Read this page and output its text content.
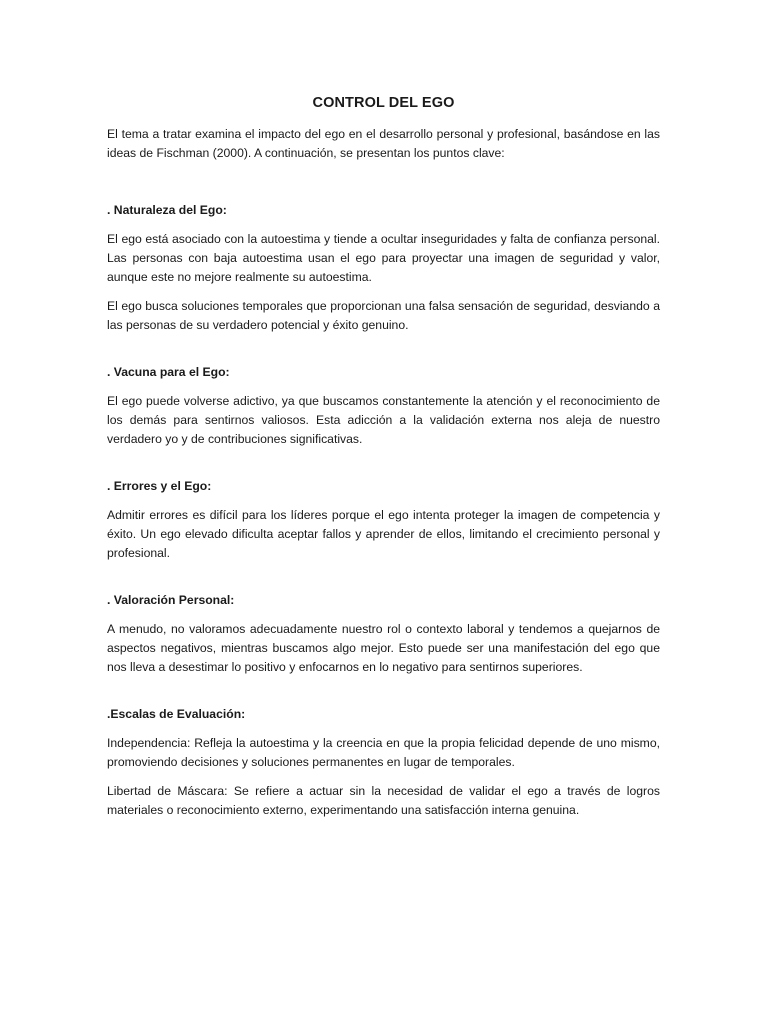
CONTROL DEL EGO

El tema a tratar examina el impacto del ego en el desarrollo personal y profesional, basándose en las ideas de Fischman (2000). A continuación, se presentan los puntos clave:

. Naturaleza del Ego:

El ego está asociado con la autoestima y tiende a ocultar inseguridades y falta de confianza personal. Las personas con baja autoestima usan el ego para proyectar una imagen de seguridad y valor, aunque este no mejore realmente su autoestima.

El ego busca soluciones temporales que proporcionan una falsa sensación de seguridad, desviando a las personas de su verdadero potencial y éxito genuino.

. Vacuna para el Ego:

El ego puede volverse adictivo, ya que buscamos constantemente la atención y el reconocimiento de los demás para sentirnos valiosos. Esta adicción a la validación externa nos aleja de nuestro verdadero yo y de contribuciones significativas.

. Errores y el Ego:

Admitir errores es difícil para los líderes porque el ego intenta proteger la imagen de competencia y éxito. Un ego elevado dificulta aceptar fallos y aprender de ellos, limitando el crecimiento personal y profesional.

. Valoración Personal:

A menudo, no valoramos adecuadamente nuestro rol o contexto laboral y tendemos a quejarnos de aspectos negativos, mientras buscamos algo mejor. Esto puede ser una manifestación del ego que nos lleva a desestimar lo positivo y enfocarnos en lo negativo para sentirnos superiores.

.Escalas de Evaluación:

Independencia: Refleja la autoestima y la creencia en que la propia felicidad depende de uno mismo, promoviendo decisiones y soluciones permanentes en lugar de temporales.

Libertad de Máscara: Se refiere a actuar sin la necesidad de validar el ego a través de logros materiales o reconocimiento externo, experimentando una satisfacción interna genuina.
